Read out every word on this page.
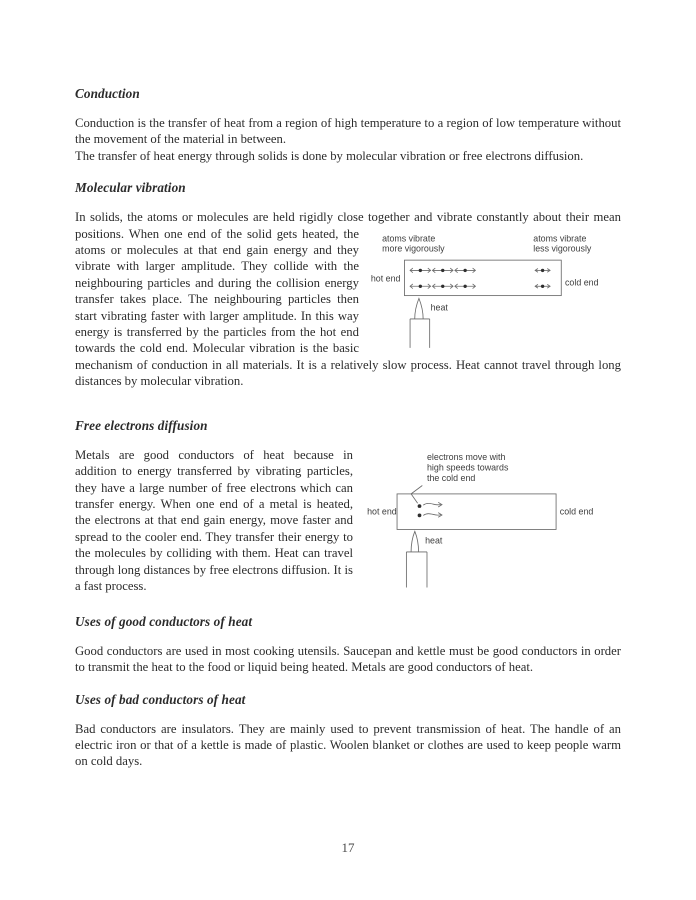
Conduction

Conduction is the transfer of heat from a region of high temperature to a region of low temperature without the movement of the material in between.

The transfer of heat energy through solids is done by molecular vibration or free electrons diffusion.

Molecular vibration
atoms vibrate
more vigorously
atoms vibrate
less vigorously
hot end	cold end
heat

In solids, the atoms or molecules are held rigidly close together and vibrate constantly about their mean positions. When one end of the solid gets heated, the atoms or molecules at that end gain energy and they vibrate with larger amplitude. They collide with the neighbouring particles and during the collision energy transfer takes place. The neighbouring particles then start vibrating faster with larger amplitude. In this way energy is transferred by the particles from the hot end towards the cold end. Molecular vibration is the basic mechanism of conduction in all materials. It is a relatively slow process. Heat cannot travel through long distances by molecular vibration.

Free electrons diffusion
electrons move with
high speeds towards
the cold end
hot end	cold end
heat

Metals are good conductors of heat because in addition to energy transferred by vibrating particles, they have a large number of free electrons which can transfer energy. When one end of a metal is heated, the electrons at that end gain energy, move faster and spread to the cooler end. They transfer their energy to the molecules by colliding with them. Heat can travel through long distances by free electrons diffusion. It is a fast process.

Uses of good conductors of heat

Good conductors are used in most cooking utensils. Saucepan and kettle must be good conductors in order to transmit the heat to the food or liquid being heated. Metals are good conductors of heat.

Uses of bad conductors of heat

Bad conductors are insulators. They are mainly used to prevent transmission of heat. The handle of an electric iron or that of a kettle is made of plastic. Woolen blanket or clothes are used to keep people warm on cold days.

17
